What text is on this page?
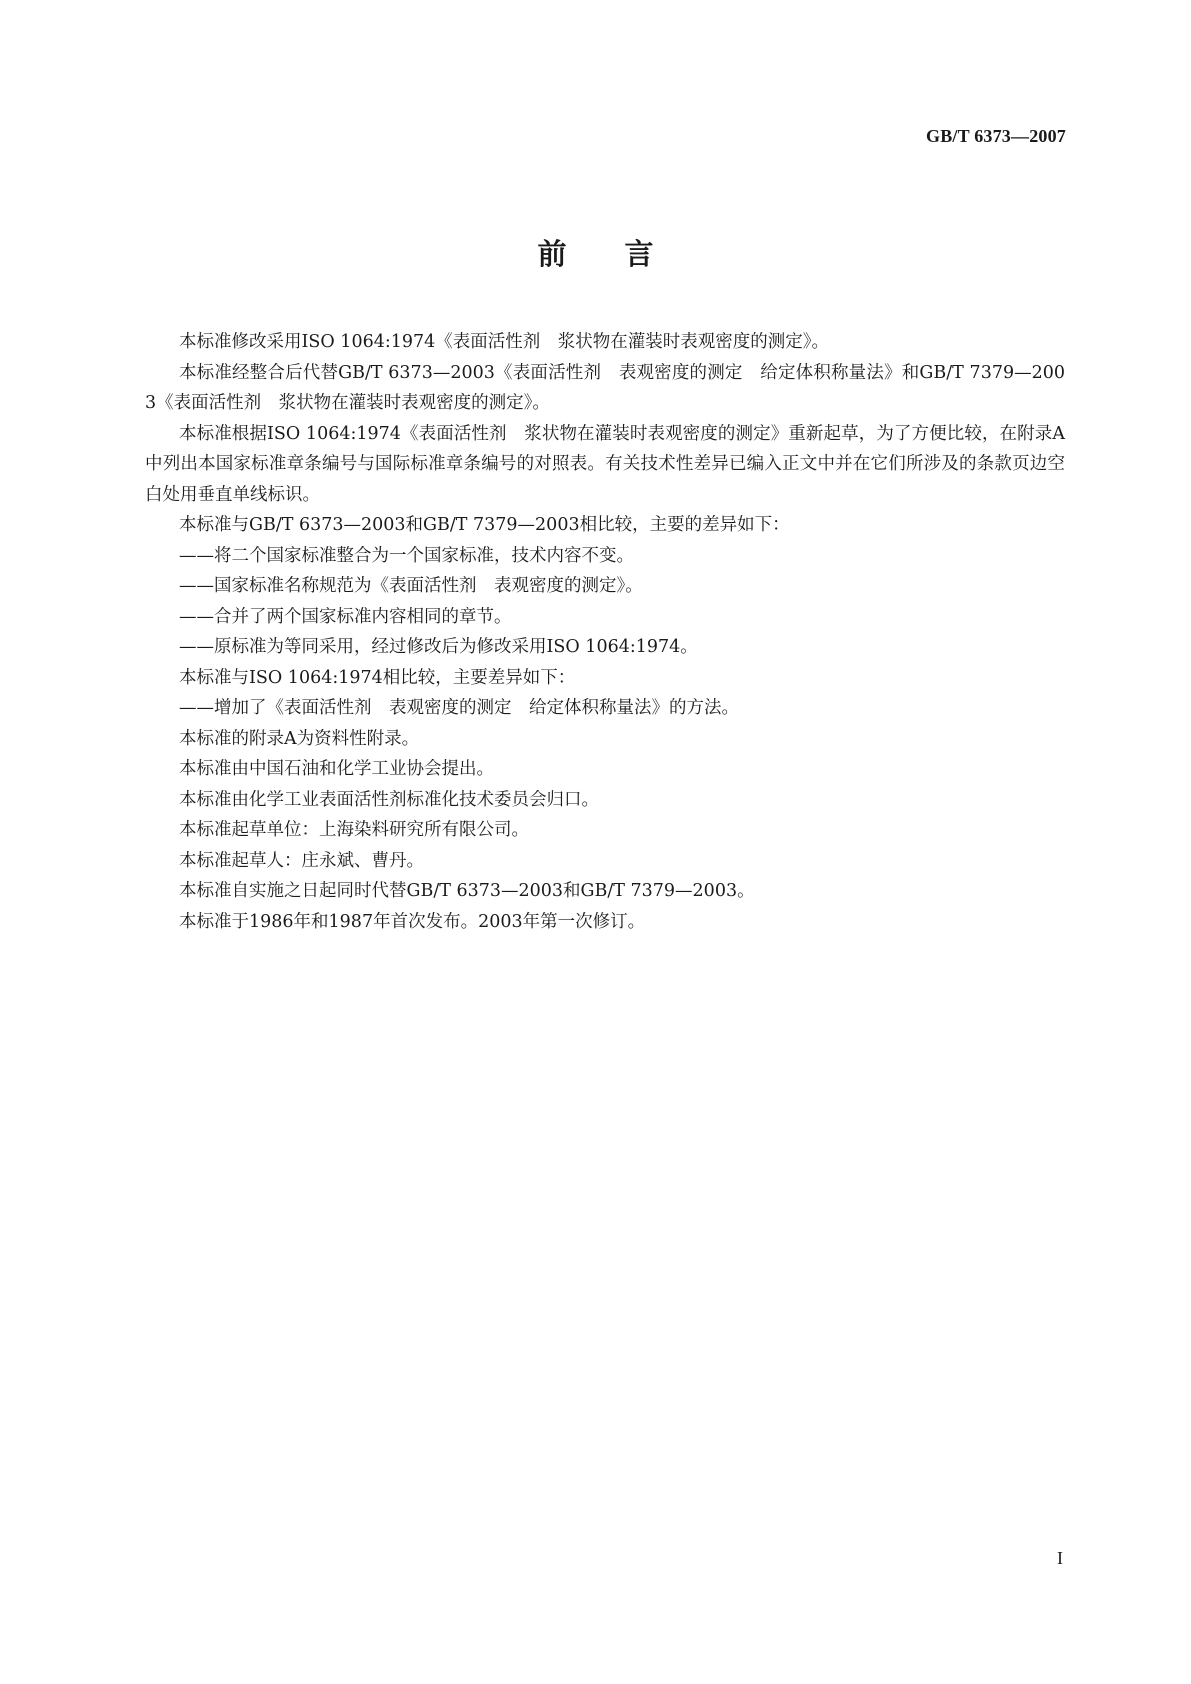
GB/T 6373—2007
前 言

本标准修改采用ISO 1064:1974《表面活性剂　浆状物在灌装时表观密度的测定》。

本标准经整合后代替GB/T 6373—2003《表面活性剂　表观密度的测定　给定体积称量法》和GB/T 7379—2003《表面活性剂　浆状物在灌装时表观密度的测定》。

本标准根据ISO 1064:1974《表面活性剂　浆状物在灌装时表观密度的测定》重新起草，为了方便比较，在附录A中列出本国家标准章条编号与国际标准章条编号的对照表。有关技术性差异已编入正文中并在它们所涉及的条款页边空白处用垂直单线标识。

本标准与GB/T 6373—2003和GB/T 7379—2003相比较，主要的差异如下：

——将二个国家标准整合为一个国家标准，技术内容不变。

——国家标准名称规范为《表面活性剂　表观密度的测定》。

——合并了两个国家标准内容相同的章节。

——原标准为等同采用，经过修改后为修改采用ISO 1064:1974。

本标准与ISO 1064:1974相比较，主要差异如下：

——增加了《表面活性剂　表观密度的测定　给定体积称量法》的方法。

本标准的附录A为资料性附录。

本标准由中国石油和化学工业协会提出。

本标准由化学工业表面活性剂标准化技术委员会归口。

本标准起草单位：上海染料研究所有限公司。

本标准起草人：庄永斌、曹丹。

本标准自实施之日起同时代替GB/T 6373—2003和GB/T 7379—2003。

本标准于1986年和1987年首次发布。2003年第一次修订。

I
